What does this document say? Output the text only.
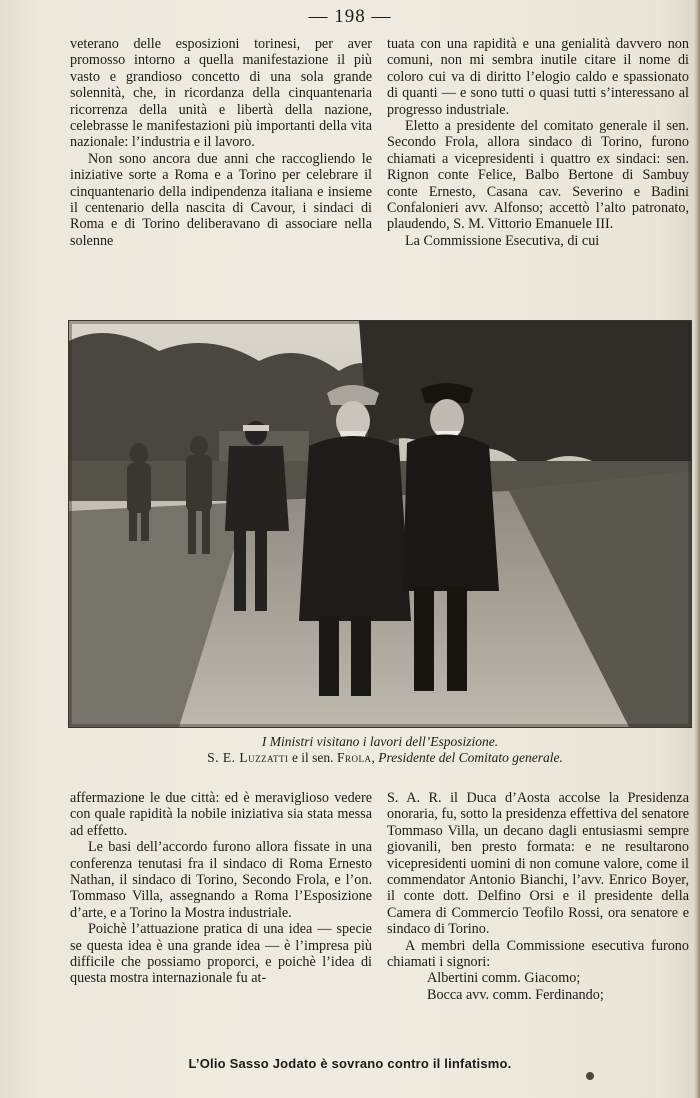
— 198 —

veterano delle esposizioni torinesi, per aver promosso intorno a quella manifestazione il più vasto e grandioso concetto di una sola grande solennità, che, in ricordanza della cinquantenaria ricorrenza della unità e libertà della nazione, celebrasse le manifestazioni più importanti della vita nazionale: l’industria e il lavoro.

Non sono ancora due anni che raccogliendo le iniziative sorte a Roma e a Torino per celebrare il cinquantenario della indipendenza italiana e insieme il centenario della nascita di Cavour, i sindaci di Roma e di Torino deliberavano di associare nella solenne

tuata con una rapidità e una genialità davvero non comuni, non mi sembra inutile citare il nome di coloro cui va di diritto l’elogio caldo e spassionato di quanti — e sono tutti o quasi tutti s’interessano al progresso industriale.

Eletto a presidente del comitato generale il sen. Secondo Frola, allora sindaco di Torino, furono chiamati a vicepresidenti i quattro ex sindaci: sen. Rignon conte Felice, Balbo Bertone di Sambuy conte Ernesto, Casana cav. Severino e Badini Confalonieri avv. Alfonso; accettò l’alto patronato, plaudendo, S. M. Vittorio Emanuele III.

La Commissione Esecutiva, di cui

I Ministri visitano i lavori dell’Esposizione.
S. E. Luzzatti e il sen. Frola, Presidente del Comitato generale.

affermazione le due città: ed è meraviglioso vedere con quale rapidità la nobile iniziativa sia stata messa ad effetto.

Le basi dell’accordo furono allora fissate in una conferenza tenutasi fra il sindaco di Roma Ernesto Nathan, il sindaco di Torino, Secondo Frola, e l’on. Tommaso Villa, assegnando a Roma l’Esposizione d’arte, e a Torino la Mostra industriale.

Poichè l’attuazione pratica di una idea — specie se questa idea è una grande idea — è l’impresa più difficile che possiamo proporci, e poichè l’idea di questa mostra internazionale fu at-

S. A. R. il Duca d’Aosta accolse la Presidenza onoraria, fu, sotto la presidenza effettiva del senatore Tommaso Villa, un decano dagli entusiasmi sempre giovanili, ben presto formata: e ne resultarono vicepresidenti uomini di non comune valore, come il commendator Antonio Bianchi, l’avv. Enrico Boyer, il conte dott. Delfino Orsi e il presidente della Camera di Commercio Teofilo Rossi, ora senatore e sindaco di Torino.

A membri della Commissione esecutiva furono chiamati i signori:

Albertini comm. Giacomo;
Bocca avv. comm. Ferdinando;
L’Olio Sasso Jodato è sovrano contro il linfatismo.
